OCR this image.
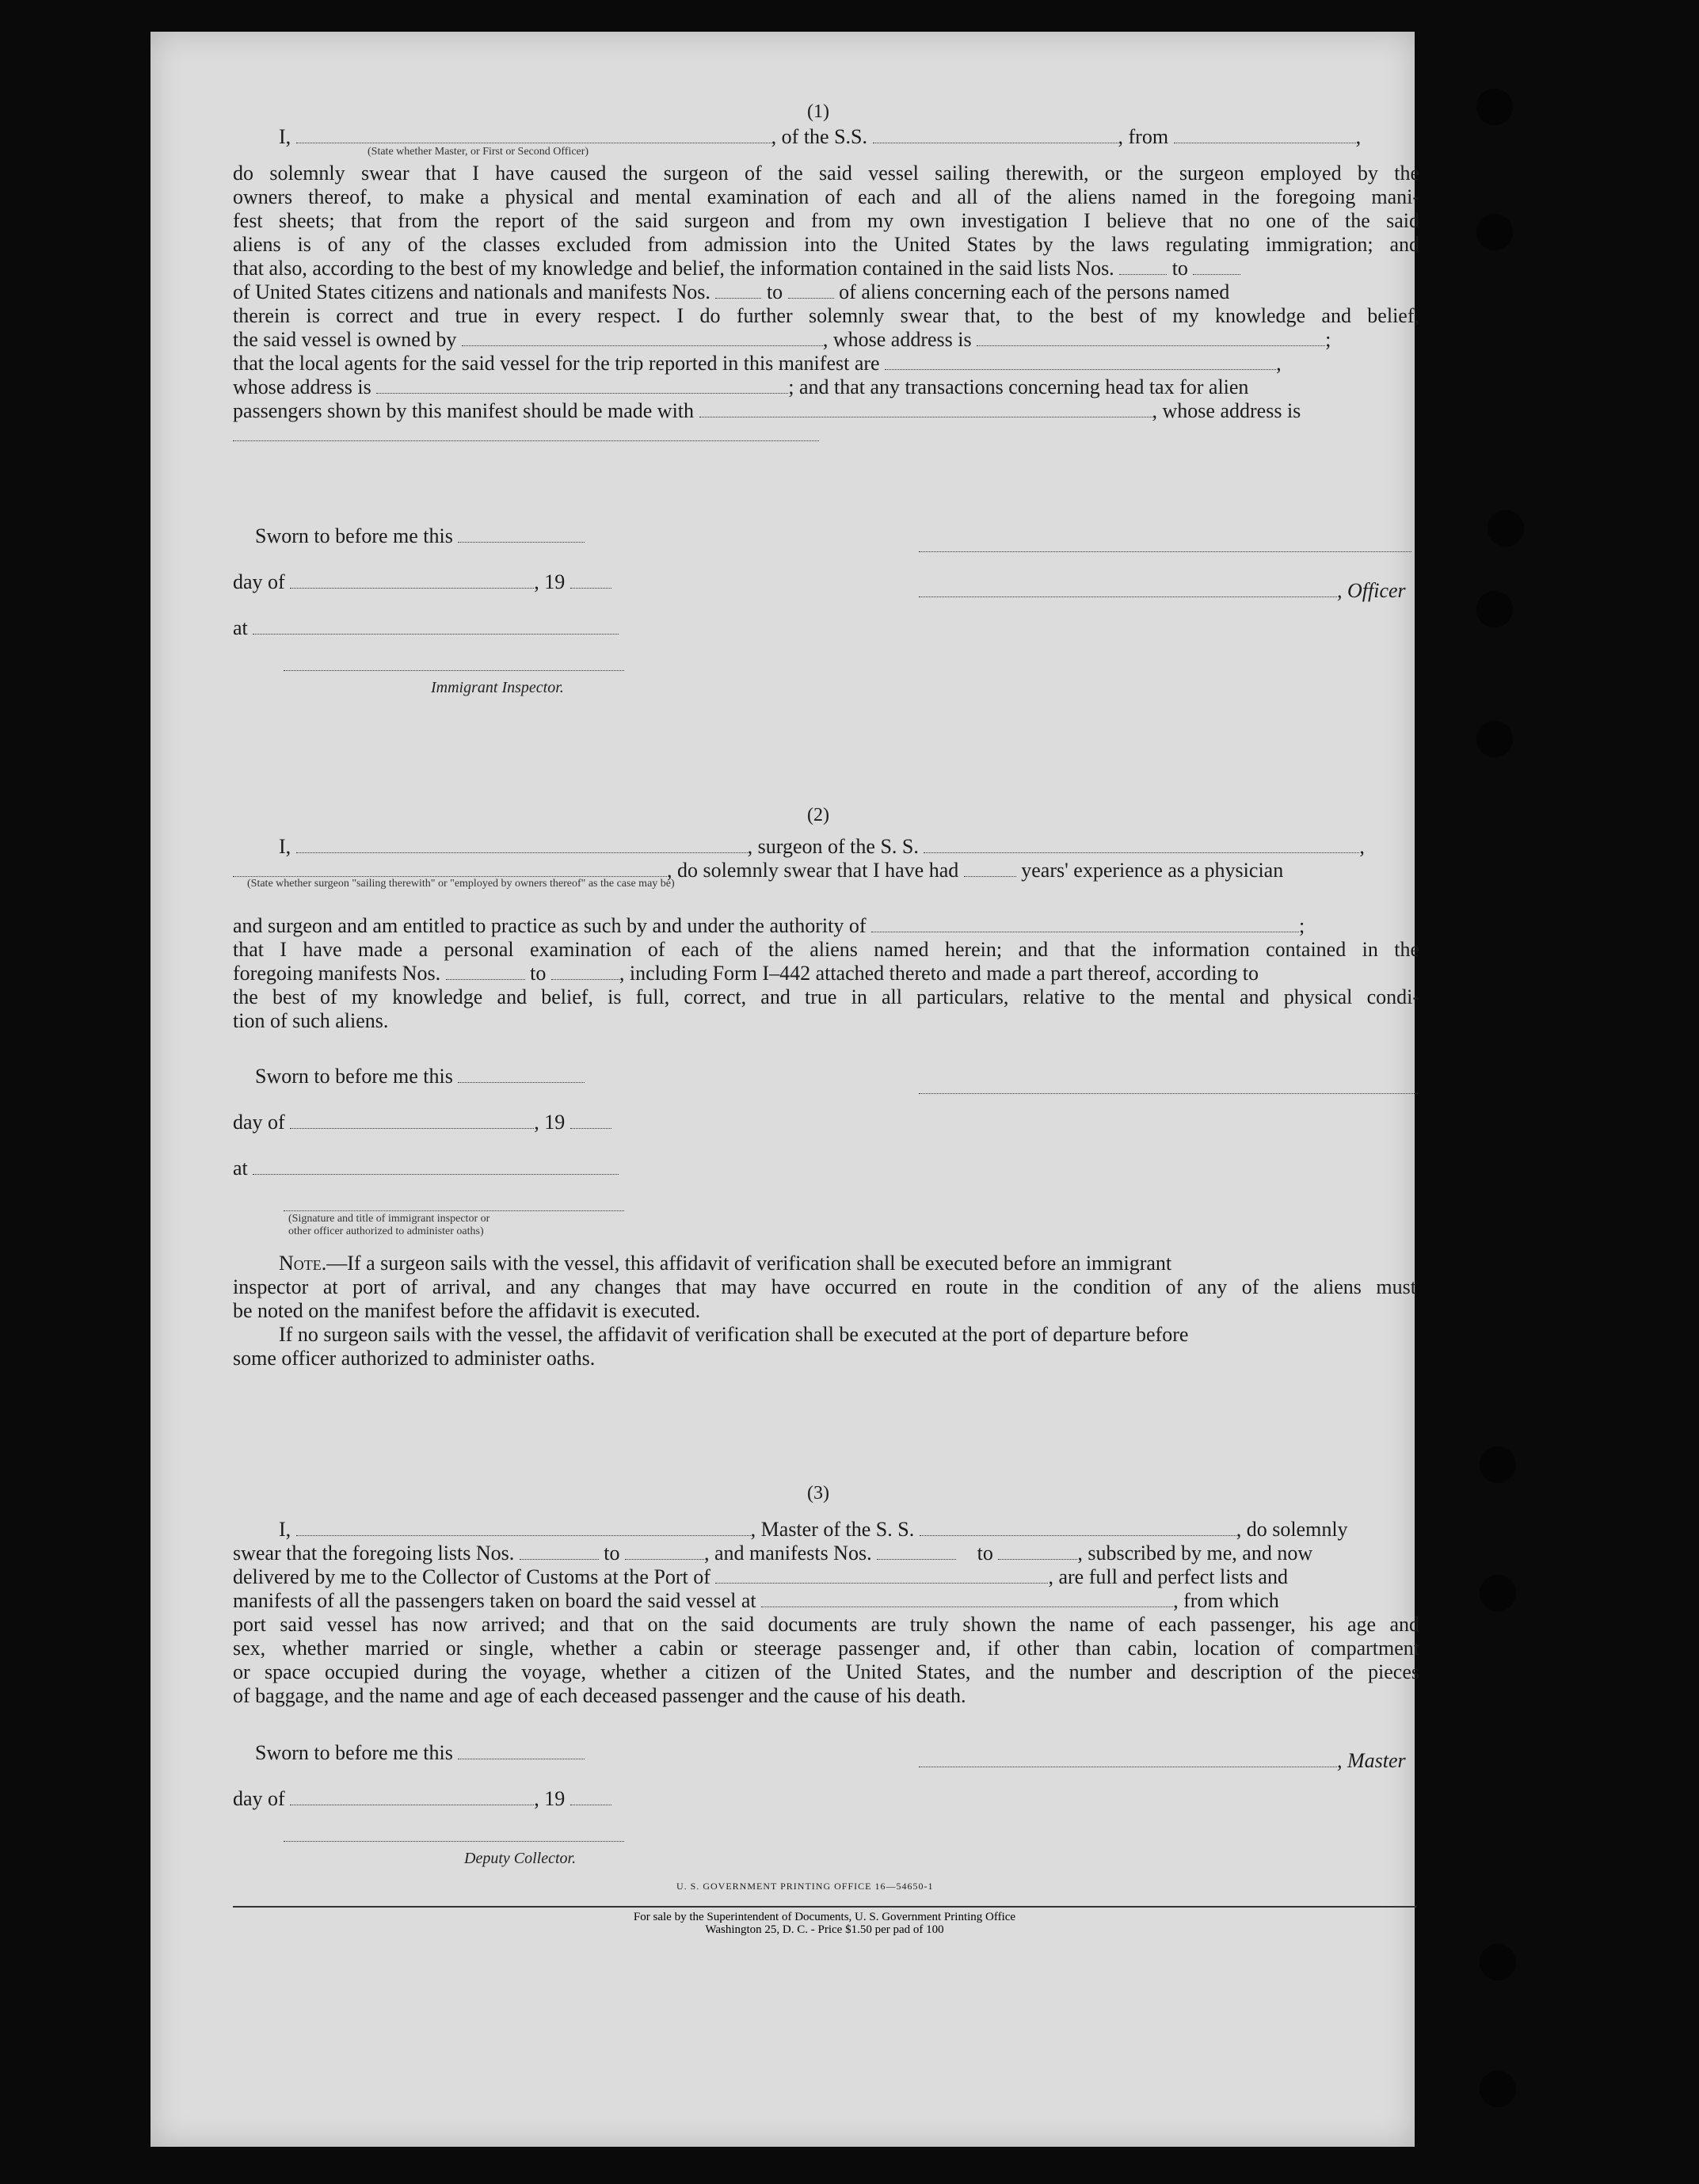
(1)

I,	, of the S.S.	, from	,
(State whether Master, or First or Second Officer)
do solemnly swear that I have caused the surgeon of the said vessel sailing therewith, or the surgeon employed by the
owners thereof, to make a physical and mental examination of each and all of the aliens named in the foregoing mani-
fest sheets; that from the report of the said surgeon and from my own investigation I believe that no one of the said
aliens is of any of the classes excluded from admission into the United States by the laws regulating immigration; and
that also, according to the best of my knowledge and belief, the information contained in the said lists Nos.	to
of United States citizens and nationals and manifests Nos.	to	of aliens concerning each of the persons named
therein is correct and true in every respect. I do further solemnly swear that, to the best of my knowledge and belief,
the said vessel is owned by	, whose address is	;
that the local agents for the said vessel for the trip reported in this manifest are	,
whose address is	; and that any transactions concerning head tax for alien
passengers shown by this manifest should be made with	, whose address is
Sworn to before me this
day of	, 19
at
Immigrant Inspector.
, Officer

(2)

I,	, surgeon of the S. S.	,
, do solemnly swear that I have had	years' experience as a physician
(State whether surgeon "sailing therewith" or "employed by owners thereof" as the case may be)
and surgeon and am entitled to practice as such by and under the authority of	;
that I have made a personal examination of each of the aliens named herein; and that the information contained in the
foregoing manifests Nos.	to	, including Form I–442 attached thereto and made a part thereof, according to
the best of my knowledge and belief, is full, correct, and true in all particulars, relative to the mental and physical condi-
tion of such aliens.
Sworn to before me this
day of	, 19
at
(Signature and title of immigrant inspector or
other officer authorized to administer oaths)
Note.—If a surgeon sails with the vessel, this affidavit of verification shall be executed before an immigrant
inspector at port of arrival, and any changes that may have occurred en route in the condition of any of the aliens must
be noted on the manifest before the affidavit is executed.
If no surgeon sails with the vessel, the affidavit of verification shall be executed at the port of departure before
some officer authorized to administer oaths.

(3)

I,	, Master of the S. S.	, do solemnly
swear that the foregoing lists Nos.	to	, and manifests Nos.	to	, subscribed by me, and now
delivered by me to the Collector of Customs at the Port of	, are full and perfect lists and
manifests of all the passengers taken on board the said vessel at	, from which
port said vessel has now arrived; and that on the said documents are truly shown the name of each passenger, his age and
sex, whether married or single, whether a cabin or steerage passenger and, if other than cabin, location of compartment
or space occupied during the voyage, whether a citizen of the United States, and the number and description of the pieces
of baggage, and the name and age of each deceased passenger and the cause of his death.
Sworn to before me this
day of	, 19
Deputy Collector.
, Master
U. S. GOVERNMENT PRINTING OFFICE 16—54650-1
For sale by the Superintendent of Documents, U. S. Government Printing Office
Washington 25, D. C. - Price $1.50 per pad of 100
